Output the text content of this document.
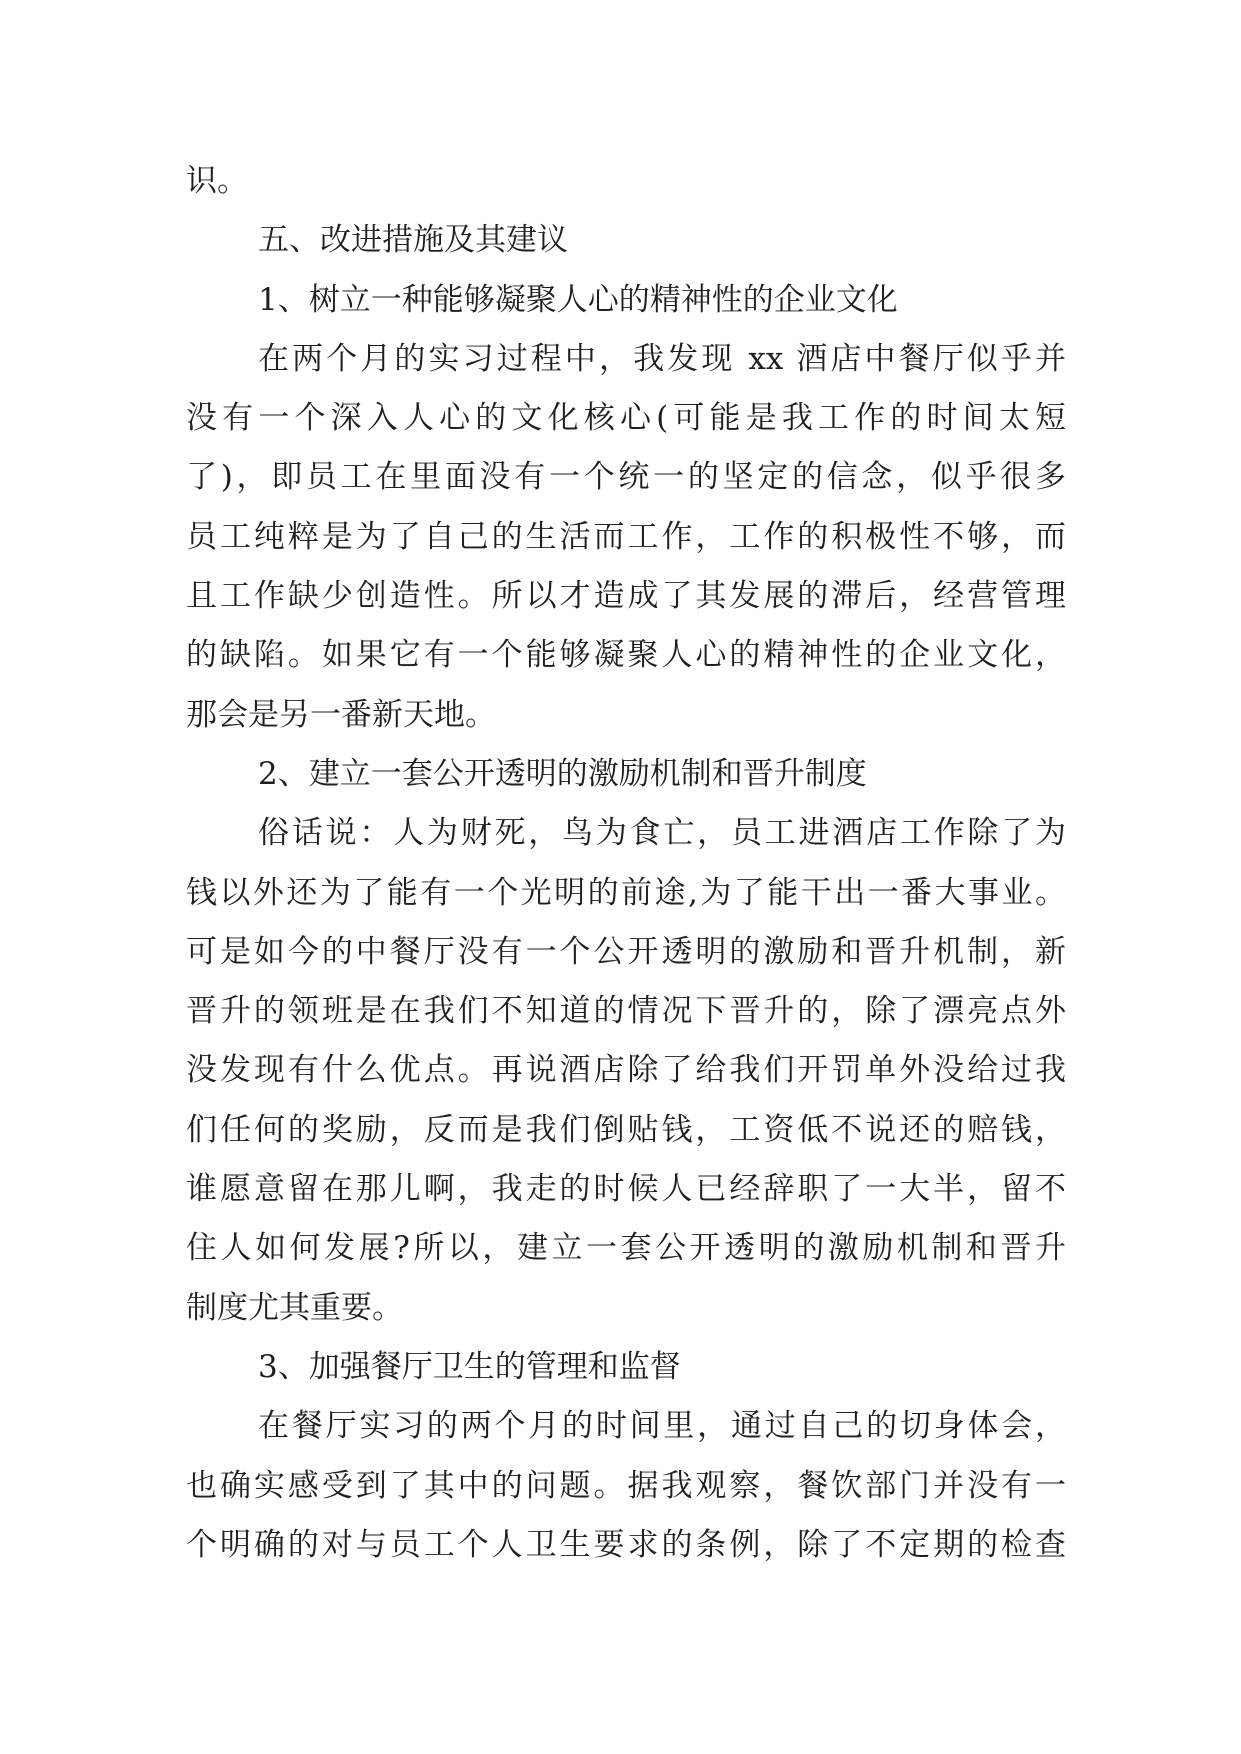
识。
五、改进措施及其建议
1、树立一种能够凝聚人心的精神性的企业文化
在两个月的实习过程中，我发现 xx 酒店中餐厅似乎并
没有一个深入人心的文化核心(可能是我工作的时间太短
了)，即员工在里面没有一个统一的坚定的信念，似乎很多
员工纯粹是为了自己的生活而工作，工作的积极性不够，而
且工作缺少创造性。所以才造成了其发展的滞后，经营管理
的缺陷。如果它有一个能够凝聚人心的精神性的企业文化，
那会是另一番新天地。
2、建立一套公开透明的激励机制和晋升制度
俗话说：人为财死，鸟为食亡，员工进酒店工作除了为
钱以外还为了能有一个光明的前途,为了能干出一番大事业。
可是如今的中餐厅没有一个公开透明的激励和晋升机制，新
晋升的领班是在我们不知道的情况下晋升的，除了漂亮点外
没发现有什么优点。再说酒店除了给我们开罚单外没给过我
们任何的奖励，反而是我们倒贴钱，工资低不说还的赔钱，
谁愿意留在那儿啊，我走的时候人已经辞职了一大半，留不
住人如何发展?所以，建立一套公开透明的激励机制和晋升
制度尤其重要。
3、加强餐厅卫生的管理和监督
在餐厅实习的两个月的时间里，通过自己的切身体会，
也确实感受到了其中的问题。据我观察，餐饮部门并没有一
个明确的对与员工个人卫生要求的条例，除了不定期的检查
